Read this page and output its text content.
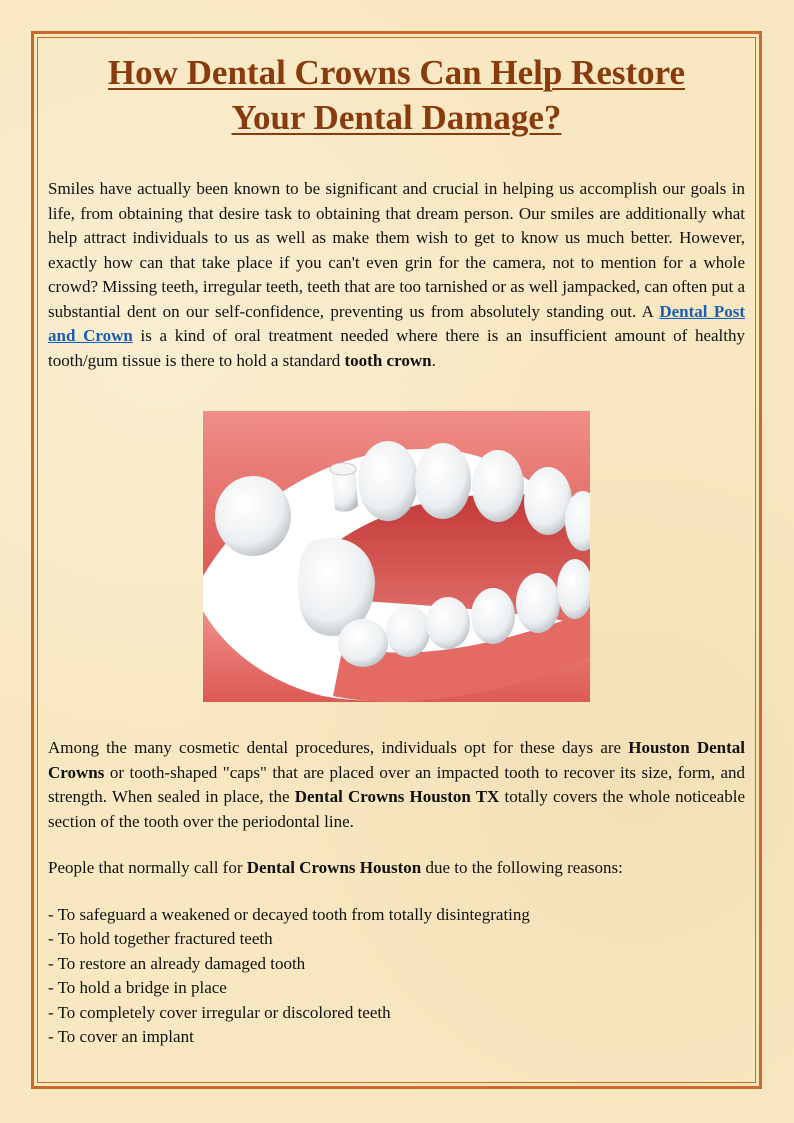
How Dental Crowns Can Help Restore
Your Dental Damage?

Smiles have actually been known to be significant and crucial in helping us accomplish our goals in life, from obtaining that desire task to obtaining that dream person. Our smiles are additionally what help attract individuals to us as well as make them wish to get to know us much better. However, exactly how can that take place if you can't even grin for the camera, not to mention for a whole crowd? Missing teeth, irregular teeth, teeth that are too tarnished or as well jampacked, can often put a substantial dent on our self-confidence, preventing us from absolutely standing out. A Dental Post and Crown is a kind of oral treatment needed where there is an insufficient amount of healthy tooth/gum tissue is there to hold a standard tooth crown.

Among the many cosmetic dental procedures, individuals opt for these days are Houston Dental Crowns or tooth-shaped "caps" that are placed over an impacted tooth to recover its size, form, and strength. When sealed in place, the Dental Crowns Houston TX totally covers the whole noticeable section of the tooth over the periodontal line.

People that normally call for Dental Crowns Houston due to the following reasons:

- To safeguard a weakened or decayed tooth from totally disintegrating
- To hold together fractured teeth
- To restore an already damaged tooth
- To hold a bridge in place
- To completely cover irregular or discolored teeth
- To cover an implant
